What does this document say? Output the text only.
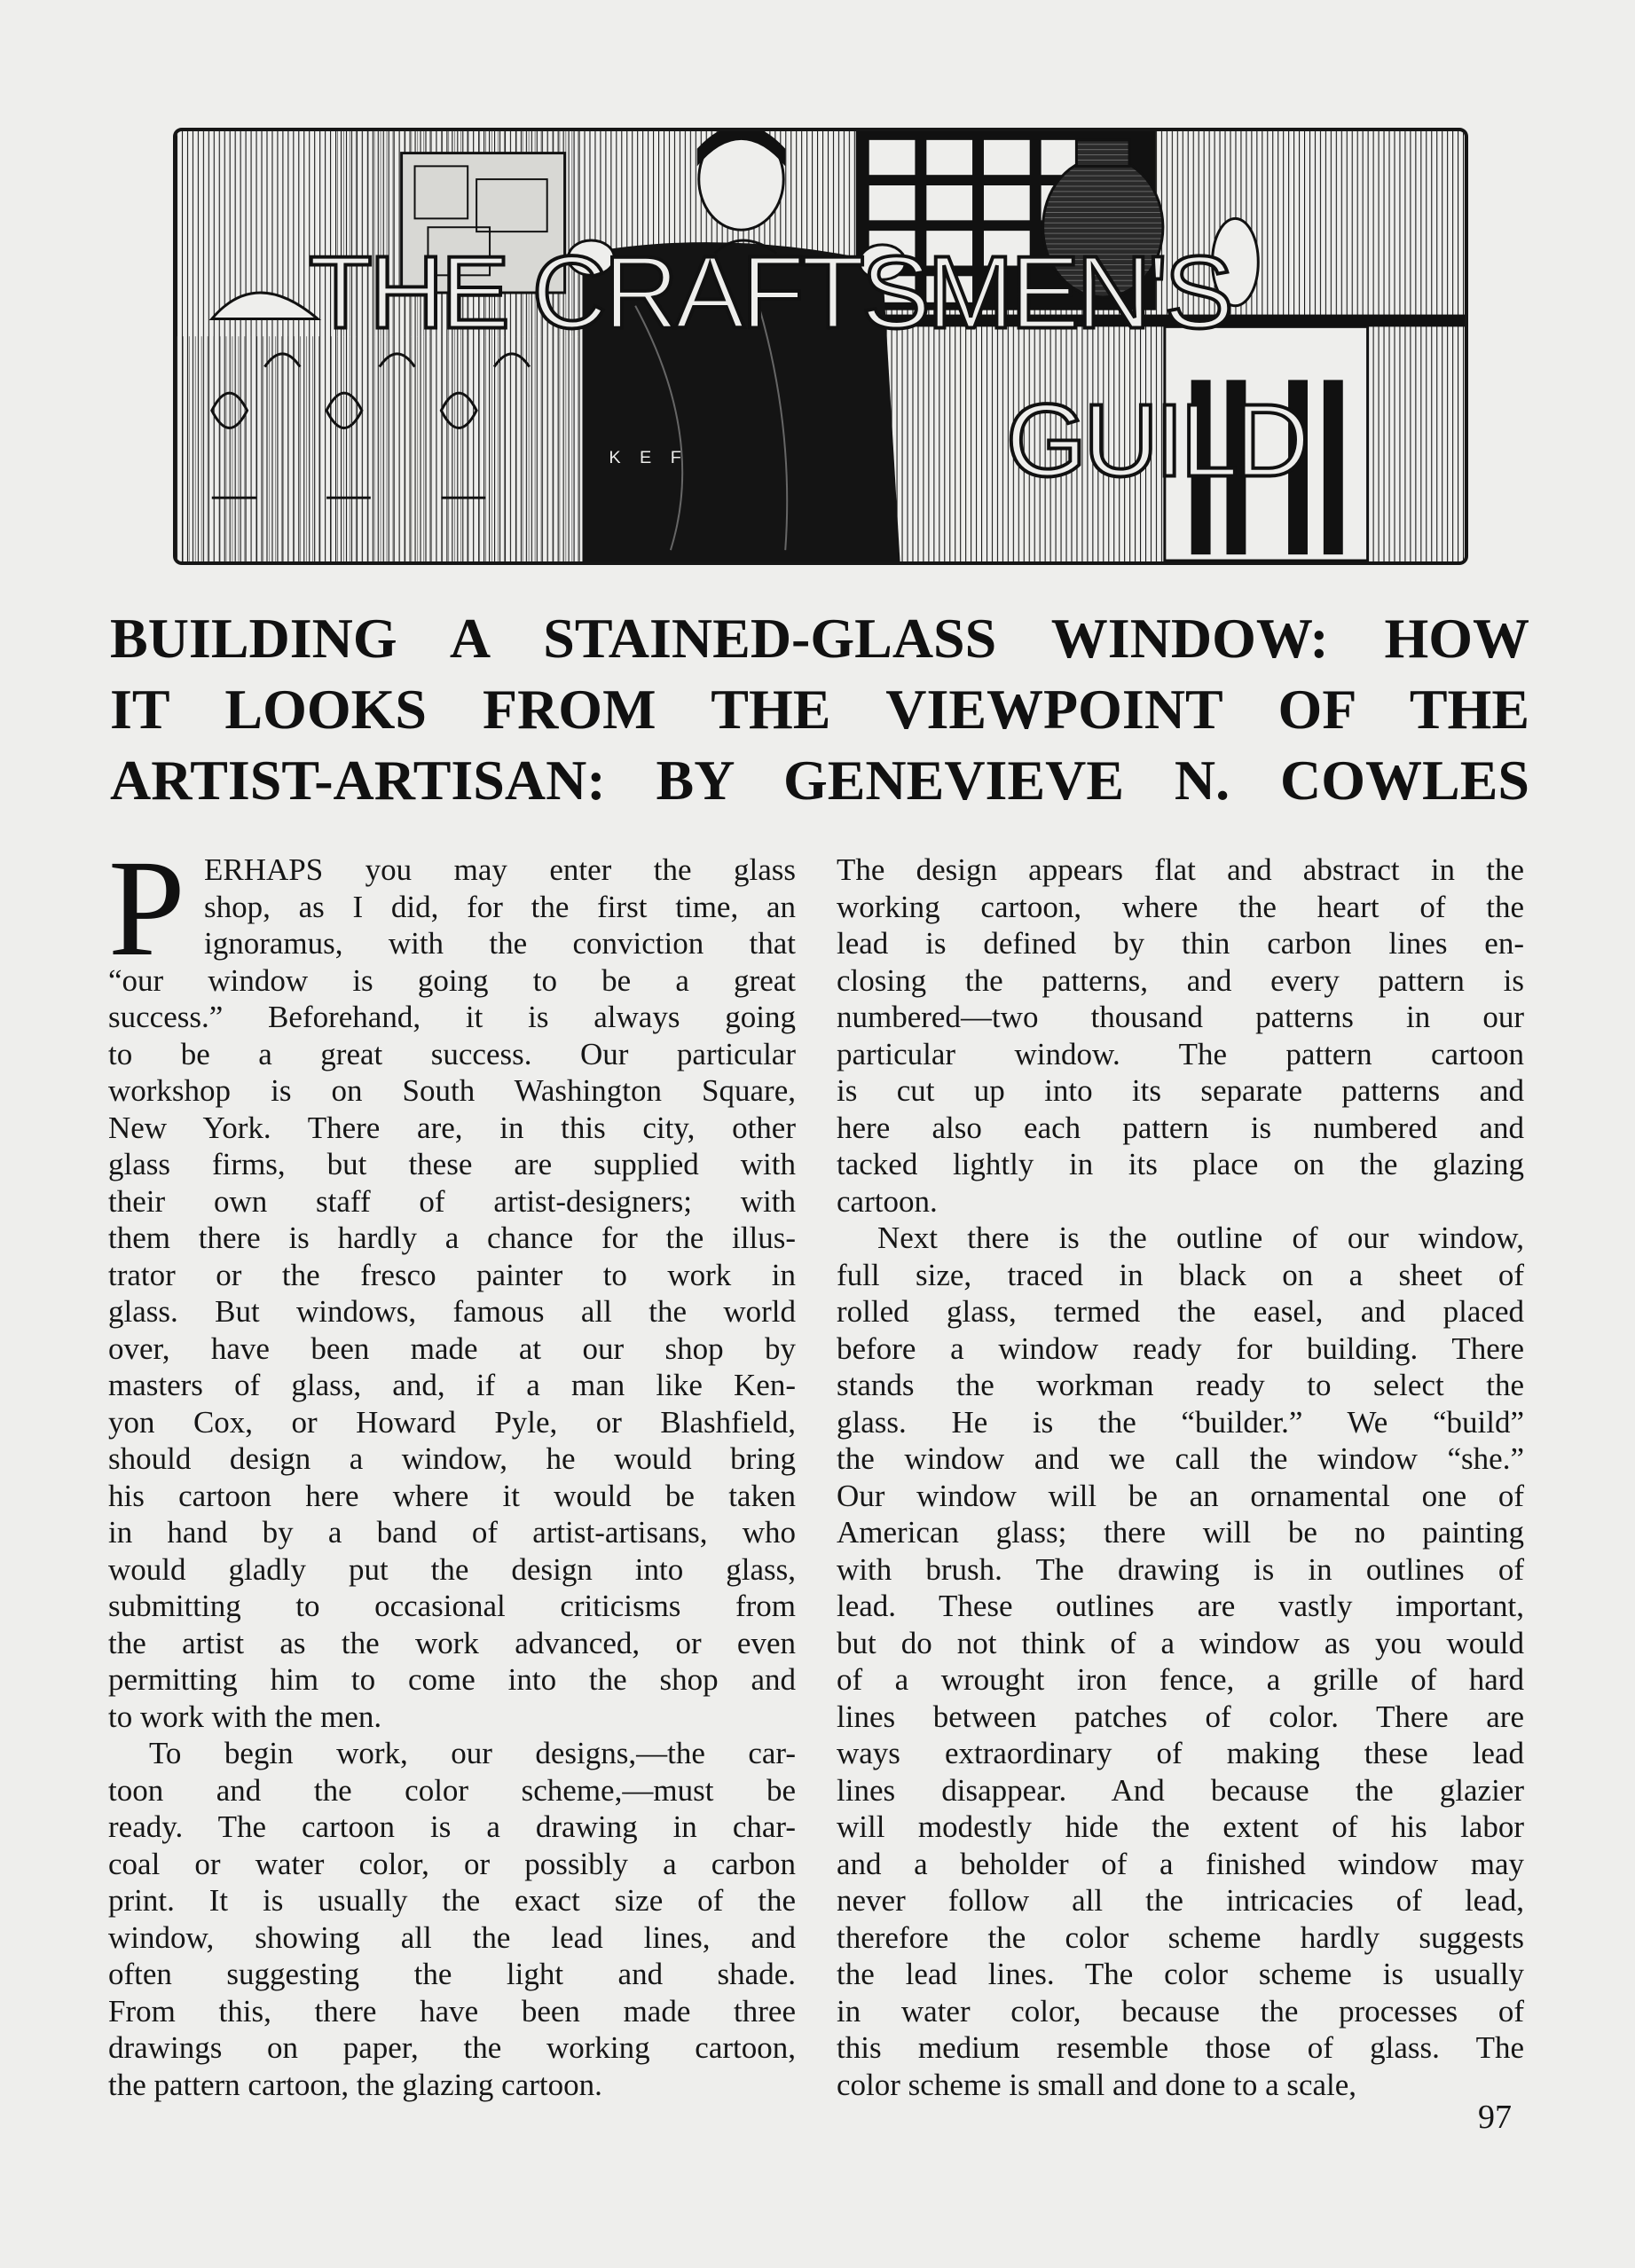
THE CRAFTSMEN'S
GUILD
K E F
BUILDING A STAINED-GLASS WINDOW: HOW
IT LOOKS FROM THE VIEWPOINT OF THE
ARTIST-ARTISAN: BY GENEVIEVE N. COWLES
P ERHAPS you may enter the glass
shop, as I did, for the first time, an
ignoramus, with the conviction that
“our window is going to be a great
success.” Beforehand, it is always going
to be a great success. Our particular
workshop is on South Washington Square,
New York. There are, in this city, other
glass firms, but these are supplied with
their own staff of artist-designers; with
them there is hardly a chance for the illus-
trator or the fresco painter to work in
glass. But windows, famous all the world
over, have been made at our shop by
masters of glass, and, if a man like Ken-
yon Cox, or Howard Pyle, or Blashfield,
should design a window, he would bring
his cartoon here where it would be taken
in hand by a band of artist-artisans, who
would gladly put the design into glass,
submitting to occasional criticisms from
the artist as the work advanced, or even
permitting him to come into the shop and
to work with the men.
To begin work, our designs,—the car-
toon and the color scheme,—must be
ready. The cartoon is a drawing in char-
coal or water color, or possibly a carbon
print. It is usually the exact size of the
window, showing all the lead lines, and
often suggesting the light and shade.
From this, there have been made three
drawings on paper, the working cartoon,
the pattern cartoon, the glazing cartoon.
The design appears flat and abstract in the
working cartoon, where the heart of the
lead is defined by thin carbon lines en-
closing the patterns, and every pattern is
numbered—two thousand patterns in our
particular window. The pattern cartoon
is cut up into its separate patterns and
here also each pattern is numbered and
tacked lightly in its place on the glazing
cartoon.
Next there is the outline of our window,
full size, traced in black on a sheet of
rolled glass, termed the easel, and placed
before a window ready for building. There
stands the workman ready to select the
glass. He is the “builder.” We “build”
the window and we call the window “she.”
Our window will be an ornamental one of
American glass; there will be no painting
with brush. The drawing is in outlines of
lead. These outlines are vastly important,
but do not think of a window as you would
of a wrought iron fence, a grille of hard
lines between patches of color. There are
ways extraordinary of making these lead
lines disappear. And because the glazier
will modestly hide the extent of his labor
and a beholder of a finished window may
never follow all the intricacies of lead,
therefore the color scheme hardly suggests
the lead lines. The color scheme is usually
in water color, because the processes of
this medium resemble those of glass. The
color scheme is small and done to a scale,

97
